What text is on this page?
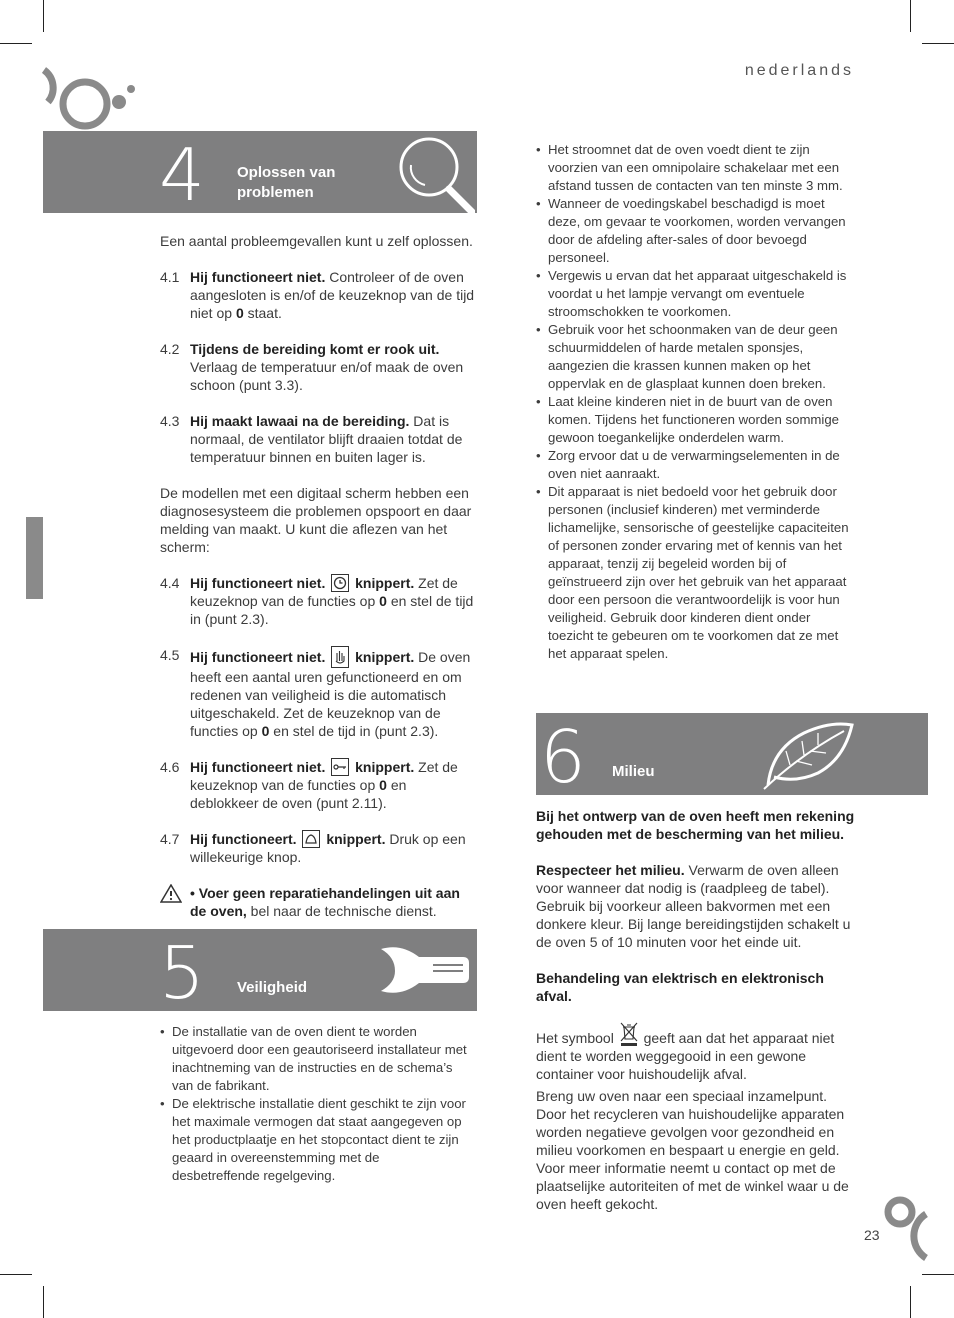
nederlands
4 Oplossen van
problemen

Een aantal probleemgevallen kunt u zelf oplossen.

4.1 Hij functioneert niet. Controleer of de oven aangesloten is en/of de keuzeknop van de tijd niet op 0 staat.
4.2 Tijdens de bereiding komt er rook uit.
Verlaag de temperatuur en/of maak de oven schoon (punt 3.3).
4.3 Hij maakt lawaai na de bereiding. Dat is normaal, de ventilator blijft draaien totdat de temperatuur binnen en buiten lager is.

De modellen met een digitaal scherm hebben een diagnosesysteem die problemen opspoort en daar melding van maakt. U kunt die aflezen van het scherm:

4.4 Hij functioneert niet. knippert. Zet de keuzeknop van de functies op 0 en stel de tijd in (punt 2.3).
4.5 Hij functioneert niet. knippert. De oven heeft een aantal uren gefunctioneerd en om redenen van veiligheid is die automatisch uitgeschakeld. Zet de keuzeknop van de functies op 0 en stel de tijd in (punt 2.3).
4.6 Hij functioneert niet. knippert. Zet de keuzeknop van de functies op 0 en deblokkeer de oven (punt 2.11).
4.7 Hij functioneert. knippert. Druk op een willekeurige knop.
• Voer geen reparatiehandelingen uit aan de oven, bel naar de technische dienst.
5 Veiligheid
• De installatie van de oven dient te worden uitgevoerd door een geautoriseerd installateur met inachtneming van de instructies en de schema’s van de fabrikant.
• De elektrische installatie dient geschikt te zijn voor het maximale vermogen dat staat aangegeven op het productplaatje en het stopcontact dient te zijn geaard in overeenstemming met de desbetreffende regelgeving.
• Het stroomnet dat de oven voedt dient te zijn voorzien van een omnipolaire schakelaar met een afstand tussen de contacten van ten minste 3 mm.
• Wanneer de voedingskabel beschadigd is moet deze, om gevaar te voorkomen, worden vervangen door de afdeling after-sales of door bevoegd personeel.
• Vergewis u ervan dat het apparaat uitgeschakeld is voordat u het lampje vervangt om eventuele stroomschokken te voorkomen.
• Gebruik voor het schoonmaken van de deur geen schuurmiddelen of harde metalen sponsjes, aangezien die krassen kunnen maken op het oppervlak en de glasplaat kunnen doen breken.
• Laat kleine kinderen niet in de buurt van de oven komen. Tijdens het functioneren worden sommige gewoon toegankelijke onderdelen warm.
• Zorg ervoor dat u de verwarmingselementen in de oven niet aanraakt.
• Dit apparaat is niet bedoeld voor het gebruik door personen (inclusief kinderen) met verminderde lichamelijke, sensorische of geestelijke capaciteiten of personen zonder ervaring met of kennis van het apparaat, tenzij zij begeleid worden bij of geïnstrueerd zijn over het gebruik van het apparaat door een persoon die verantwoordelijk is voor hun veiligheid. Gebruik door kinderen dient onder toezicht te gebeuren om te voorkomen dat ze met het apparaat spelen.
6 Milieu

Bij het ontwerp van de oven heeft men rekening gehouden met de bescherming van het milieu.

Respecteer het milieu. Verwarm de oven alleen voor wanneer dat nodig is (raadpleeg de tabel). Gebruik bij voorkeur alleen bakvormen met een donkere kleur. Bij lange bereidingstijden schakelt u de oven 5 of 10 minuten voor het einde uit.

Behandeling van elektrisch en elektronisch afval.

Het symbool  geeft aan dat het apparaat niet dient te worden weggegooid in een gewone container voor huishoudelijk afval.

Breng uw oven naar een speciaal inzamelpunt. Door het recycleren van huishoudelijke apparaten worden negatieve gevolgen voor gezondheid en milieu voorkomen en bespaart u energie en geld. Voor meer informatie neemt u contact op met de plaatselijke autoriteiten of met de winkel waar u de oven heeft gekocht.

23
